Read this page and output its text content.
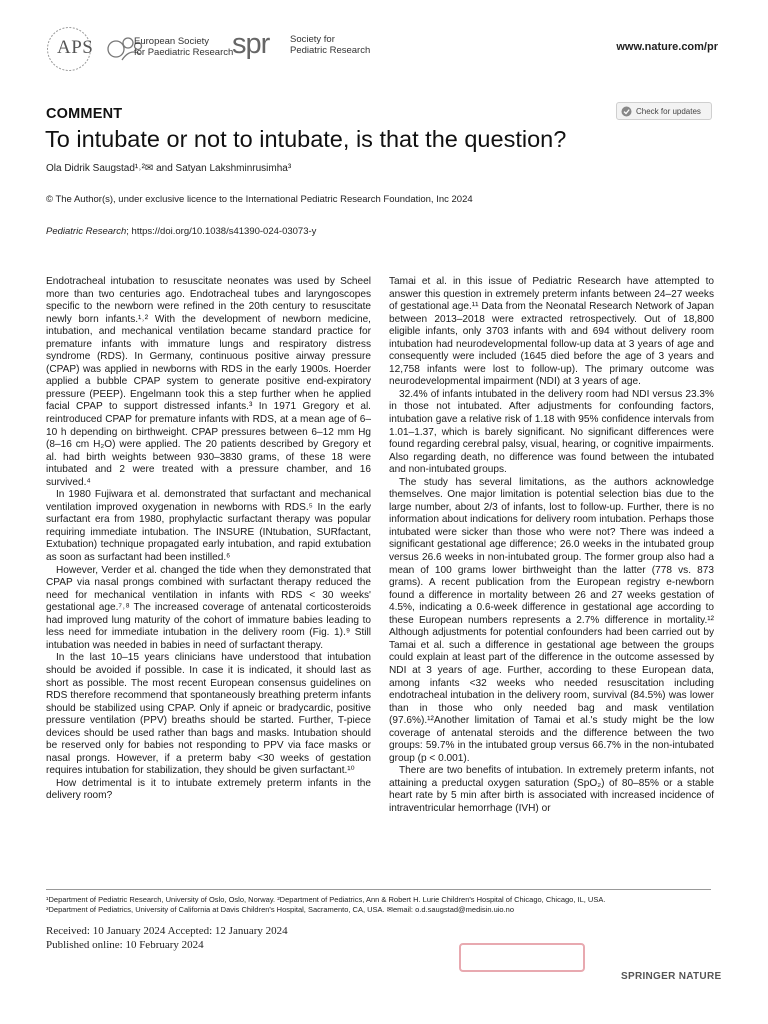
APS	European Society
for Paediatric Research
spr Society for
Pediatric Research	www.nature.com/pr
COMMENT	Check for updates
To intubate or not to intubate, is that the question?
Ola Didrik Saugstad¹˒²✉ and Satyan Lakshminrusimha³
© The Author(s), under exclusive licence to the International Pediatric Research Foundation, Inc 2024
Pediatric Research; https://doi.org/10.1038/s41390-024-03073-y

Endotracheal intubation to resuscitate neonates was used by Scheel more than two centuries ago. Endotracheal tubes and laryngoscopes specific to the newborn were refined in the 20th century to resuscitate newly born infants.¹˒² With the development of newborn medicine, intubation, and mechanical ventilation became standard practice for premature infants with immature lungs and respiratory distress syndrome (RDS). In Germany, continuous positive airway pressure (CPAP) was applied in newborns with RDS in the early 1900s. Hoerder applied a bubble CPAP system to generate positive end-expiratory pressure (PEEP). Engelmann took this a step further when he applied facial CPAP to support distressed infants.³ In 1971 Gregory et al. reintroduced CPAP for premature infants with RDS, at a mean age of 6–10 h depending on birthweight. CPAP pressures between 6–12 mm Hg (8–16 cm H₂O) were applied. The 20 patients described by Gregory et al. had birth weights between 930–3830 grams, of these 18 were intubated and 2 were treated with a pressure chamber, and 16 survived.⁴

In 1980 Fujiwara et al. demonstrated that surfactant and mechanical ventilation improved oxygenation in newborns with RDS.⁵ In the early surfactant era from 1980, prophylactic surfactant therapy was popular requiring immediate intubation. The INSURE (INtubation, SURfactant, Extubation) technique propagated early intubation, and rapid extubation as soon as surfactant had been instilled.⁶

However, Verder et al. changed the tide when they demonstrated that CPAP via nasal prongs combined with surfactant therapy reduced the need for mechanical ventilation in infants with RDS < 30 weeks' gestational age.⁷˒⁸ The increased coverage of antenatal corticosteroids had improved lung maturity of the cohort of immature babies leading to less need for immediate intubation in the delivery room (Fig. 1).⁹ Still intubation was needed in babies in need of surfactant therapy.

In the last 10–15 years clinicians have understood that intubation should be avoided if possible. In case it is indicated, it should last as short as possible. The most recent European consensus guidelines on RDS therefore recommend that spontaneously breathing preterm infants should be stabilized using CPAP. Only if apneic or bradycardic, positive pressure ventilation (PPV) breaths should be started. Further, T-piece devices should be used rather than bags and masks. Intubation should be reserved only for babies not responding to PPV via face masks or nasal prongs. However, if a preterm baby <30 weeks of gestation requires intubation for stabilization, they should be given surfactant.¹⁰

How detrimental is it to intubate extremely preterm infants in the delivery room?

Tamai et al. in this issue of Pediatric Research have attempted to answer this question in extremely preterm infants between 24–27 weeks of gestational age.¹¹ Data from the Neonatal Research Network of Japan between 2013–2018 were extracted retrospectively. Out of 18,800 eligible infants, only 3703 infants with and 694 without delivery room intubation had neurodevelopmental follow-up data at 3 years of age and consequently were included (1645 died before the age of 3 years and 12,758 infants were lost to follow-up). The primary outcome was neurodevelopmental impairment (NDI) at 3 years of age.

32.4% of infants intubated in the delivery room had NDI versus 23.3% in those not intubated. After adjustments for confounding factors, intubation gave a relative risk of 1.18 with 95% confidence intervals from 1.01–1.37, which is barely significant. No significant differences were found regarding cerebral palsy, visual, hearing, or cognitive impairments. Also regarding death, no difference was found between the intubated and non-intubated groups.

The study has several limitations, as the authors acknowledge themselves. One major limitation is potential selection bias due to the large number, about 2/3 of infants, lost to follow-up. Further, there is no information about indications for delivery room intubation. Perhaps those intubated were sicker than those who were not? There was indeed a significant gestational age difference; 26.0 weeks in the intubated group versus 26.6 weeks in non-intubated group. The former group also had a mean of 100 grams lower birthweight than the latter (778 vs. 873 grams). A recent publication from the European registry e-newborn found a difference in mortality between 26 and 27 weeks gestation of 4.5%, indicating a 0.6-week difference in gestational age according to these European numbers represents a 2.7% difference in mortality.¹² Although adjustments for potential confounders had been carried out by Tamai et al. such a difference in gestational age between the groups could explain at least part of the difference in the outcome assessed by NDI at 3 years of age. Further, according to these European data, among infants <32 weeks who needed resuscitation including endotracheal intubation in the delivery room, survival (84.5%) was lower than in those who only needed bag and mask ventilation (97.6%).¹²Another limitation of Tamai et al.'s study might be the low coverage of antenatal steroids and the difference between the two groups: 59.7% in the intubated group versus 66.7% in the non-intubated group (p < 0.001).

There are two benefits of intubation. In extremely preterm infants, not attaining a preductal oxygen saturation (SpO₂) of 80–85% or a stable heart rate by 5 min after birth is associated with increased incidence of intraventricular hemorrhage (IVH) or

¹Department of Pediatric Research, University of Oslo, Oslo, Norway. ²Department of Pediatrics, Ann & Robert H. Lurie Children's Hospital of Chicago, Chicago, IL, USA.
³Department of Pediatrics, University of California at Davis Children's Hospital, Sacramento, CA, USA. ✉email: o.d.saugstad@medisin.uio.no
Received: 10 January 2024 Accepted: 12 January 2024
Published online: 10 February 2024
SPRINGER NATURE
